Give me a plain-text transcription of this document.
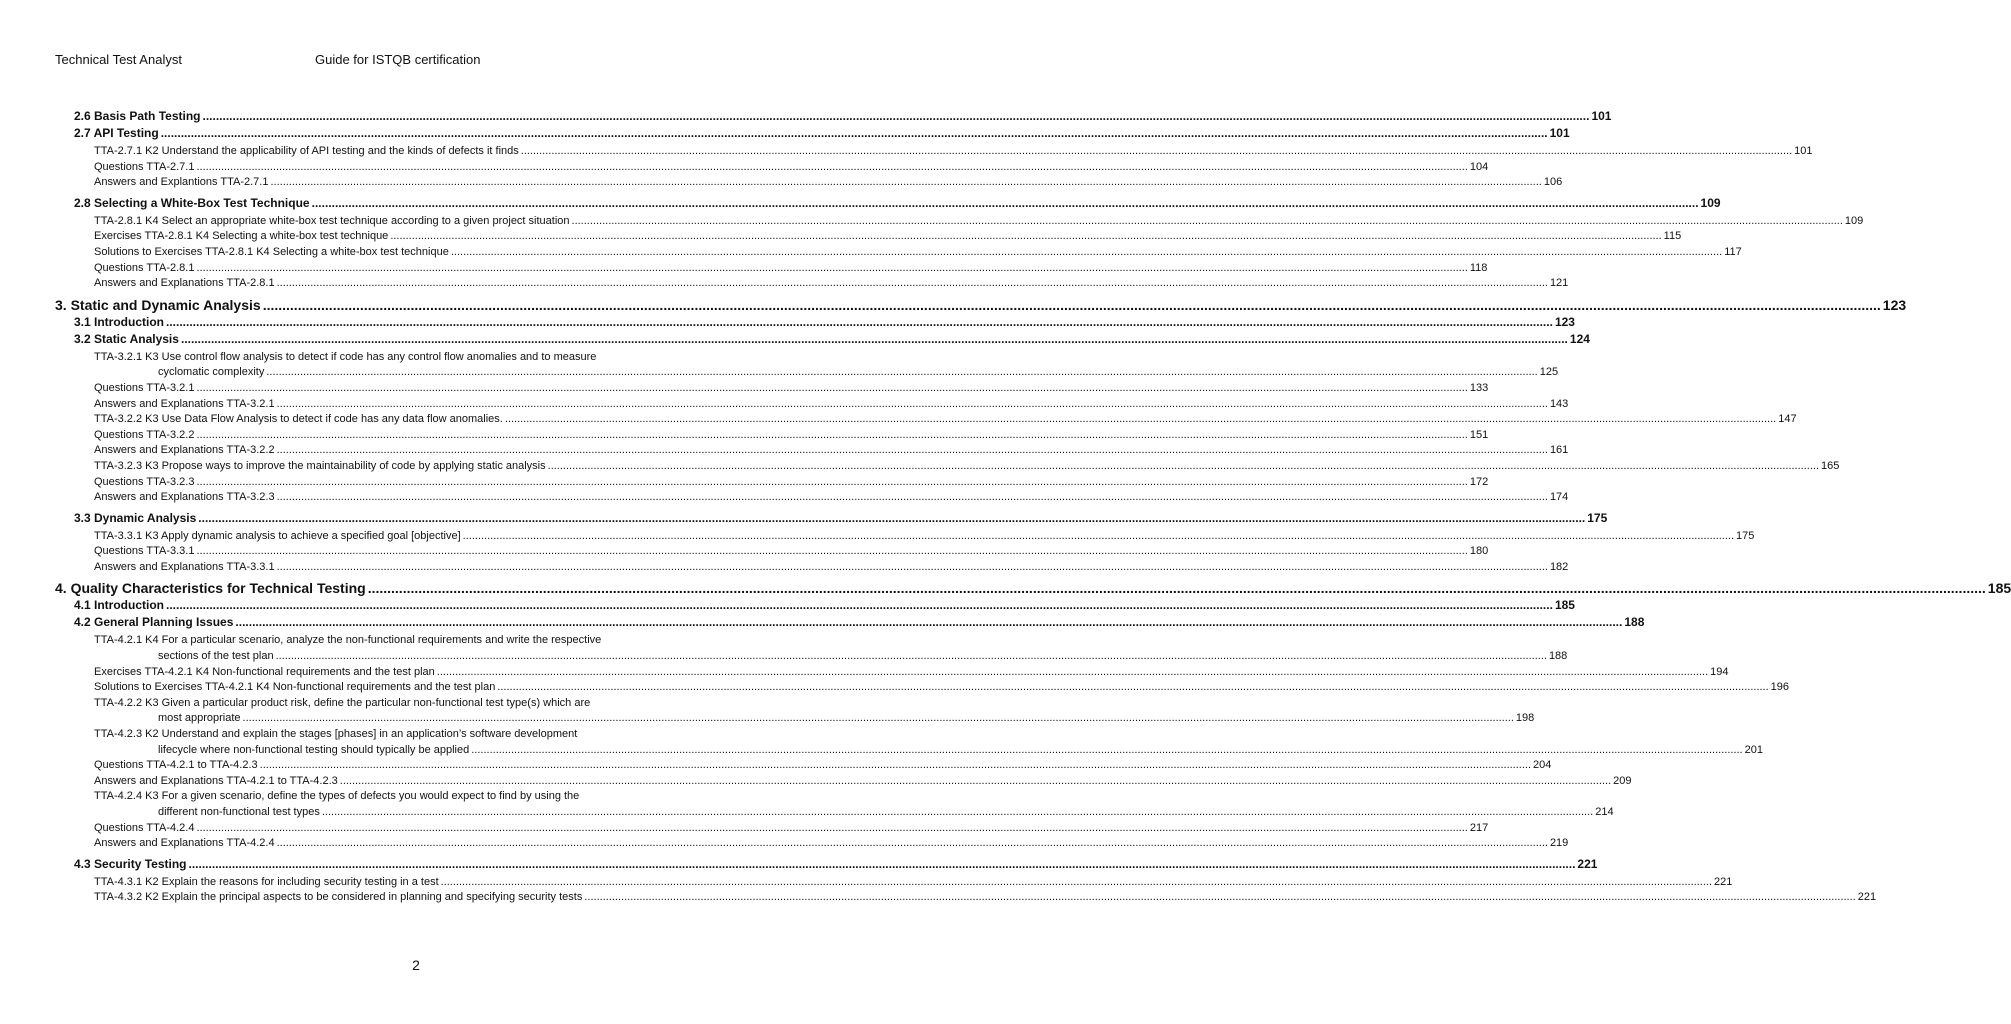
Technical Test Analyst	Guide for ISTQB certification
2.6 Basis Path Testing .....	101
2.7 API Testing .....	101
TTA-2.7.1 K2 Understand the applicability of API testing and the kinds of defects it finds .....	101
Questions TTA-2.7.1 .....	104
Answers and Explantions TTA-2.7.1 .....	106
2.8 Selecting a White-Box Test Technique .....	109
TTA-2.8.1 K4 Select an appropriate white-box test technique according to a given project situation .....	109
Exercises TTA-2.8.1 K4 Selecting a white-box test technique .....	115
Solutions to Exercises TTA-2.8.1 K4 Selecting a white-box test technique .....	117
Questions TTA-2.8.1 .....	118
Answers and Explanations TTA-2.8.1 .....	121
3. Static and Dynamic Analysis .....	123
3.1 Introduction .....	123
3.2 Static Analysis .....	124
TTA-3.2.1 K3 Use control flow analysis to detect if code has any control flow anomalies and to measure
cyclomatic complexity .....	125
Questions TTA-3.2.1 .....	133
Answers and Explanations TTA-3.2.1 .....	143
TTA-3.2.2 K3 Use Data Flow Analysis to detect if code has any data flow anomalies. .....	147
Questions TTA-3.2.2 .....	151
Answers and Explanations TTA-3.2.2 .....	161
TTA-3.2.3 K3 Propose ways to improve the maintainability of code by applying static analysis .....	165
Questions TTA-3.2.3 .....	172
Answers and Explanations TTA-3.2.3 .....	174
3.3 Dynamic Analysis .....	175
TTA-3.3.1 K3 Apply dynamic analysis to achieve a specified goal [objective] .....	175
Questions TTA-3.3.1 .....	180
Answers and Explanations TTA-3.3.1 .....	182
4. Quality Characteristics for Technical Testing .....	185
4.1 Introduction .....	185
4.2 General Planning Issues .....	188
TTA-4.2.1 K4 For a particular scenario, analyze the non-functional requirements and write the respective
sections of the test plan .....	188
Exercises TTA-4.2.1 K4 Non-functional requirements and the test plan .....	194
Solutions to Exercises TTA-4.2.1 K4 Non-functional requirements and the test plan .....	196
TTA-4.2.2 K3 Given a particular product risk, define the particular non-functional test type(s) which are
most appropriate .....	198
TTA-4.2.3 K2 Understand and explain the stages [phases] in an application’s software development
lifecycle where non-functional testing should typically be applied .....	201
Questions TTA-4.2.1 to TTA-4.2.3 .....	204
Answers and Explanations TTA-4.2.1 to TTA-4.2.3 .....	209
TTA-4.2.4 K3 For a given scenario, define the types of defects you would expect to find by using the
different non-functional test types .....	214
Questions TTA-4.2.4 .....	217
Answers and Explanations TTA-4.2.4 .....	219
4.3 Security Testing .....	221
TTA-4.3.1 K2 Explain the reasons for including security testing in a test .....	221
TTA-4.3.2 K2 Explain the principal aspects to be considered in planning and specifying security tests .....	221
2
